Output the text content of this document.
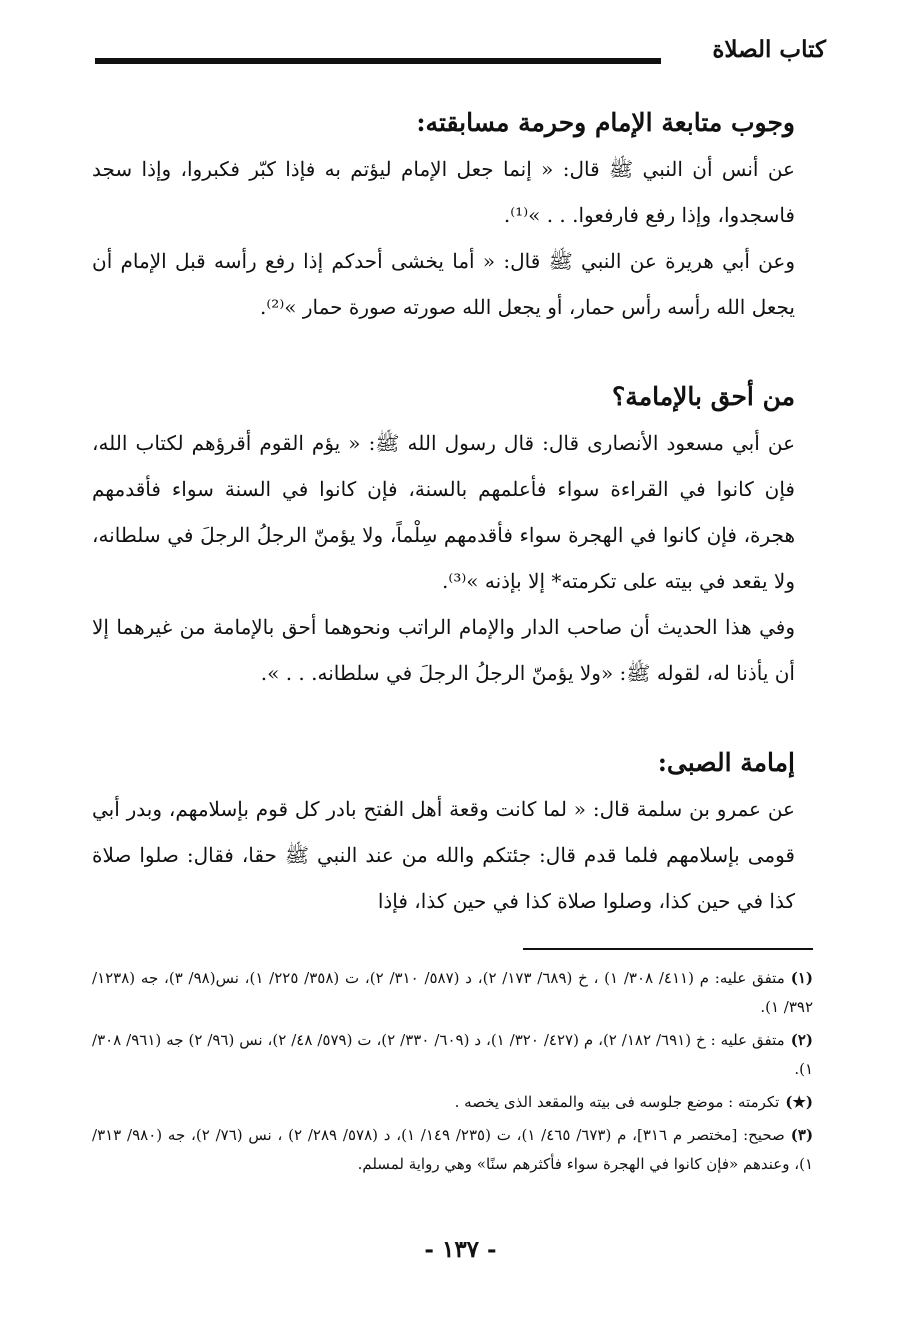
كتاب الصلاة
وجوب متابعة الإمام وحرمة مسابقته:

عن أنس أن النبي ﷺ قال: « إنما جعل الإمام ليؤتم به فإذا كبّر فكبروا، وإذا سجد فاسجدوا، وإذا رفع فارفعوا. . . »⁽¹⁾.

وعن أبي هريرة عن النبي ﷺ قال: « أما يخشى أحدكم إذا رفع رأسه قبل الإمام أن يجعل الله رأسه رأس حمار، أو يجعل الله صورته صورة حمار »⁽²⁾.

من أحق بالإمامة؟

عن أبي مسعود الأنصارى قال: قال رسول الله ﷺ: « يؤم القوم أقرؤهم لكتاب الله، فإن كانوا في القراءة سواء فأعلمهم بالسنة، فإن كانوا في السنة سواء فأقدمهم هجرة، فإن كانوا في الهجرة سواء فأقدمهم سِلْماً، ولا يؤمنّ الرجلُ الرجلَ في سلطانه، ولا يقعد في بيته على تكرمته* إلا بإذنه »⁽³⁾.

وفي هذا الحديث أن صاحب الدار والإمام الراتب ونحوهما أحق بالإمامة من غيرهما إلا أن يأذنا له، لقوله ﷺ: «ولا يؤمنّ الرجلُ الرجلَ في سلطانه. . . ».

إمامة الصبى:

عن عمرو بن سلمة قال: « لما كانت وقعة أهل الفتح بادر كل قوم بإسلامهم، وبدر أبي قومى بإسلامهم فلما قدم قال: جئتكم والله من عند النبي ﷺ حقا، فقال: صلوا صلاة كذا في حين كذا، وصلوا صلاة كذا في حين كذا، فإذا

(١)متفق عليه: م (٤١١/ ٣٠٨/ ١) ، خ (٦٨٩/ ١٧٣/ ٢)، د (٥٨٧/ ٣١٠/ ٢)، ت (٣٥٨/ ٢٢٥/ ١)، نس(٩٨/ ٣)، جه (١٢٣٨/ ٣٩٢/ ١).

(٢)متفق عليه : خ (٦٩١/ ١٨٢/ ٢)، م (٤٢٧/ ٣٢٠/ ١)، د (٦٠٩/ ٣٣٠/ ٢)، ت (٥٧٩/ ٤٨/ ٢)، نس (٩٦/ ٢) جه (٩٦١/ ٣٠٨/ ١).

(★)تكرمته : موضع جلوسه فى بيته والمقعد الذى يخصه .

(٣)صحيح: [مختصر م ٣١٦]، م (٦٧٣/ ٤٦٥/ ١)، ت (٢٣٥/ ١٤٩/ ١)، د (٥٧٨/ ٢٨٩/ ٢) ، نس (٧٦/ ٢)، جه (٩٨٠/ ٣١٣/ ١)، وعندهم «فإن كانوا في الهجرة سواء فأكثرهم سنًا» وهي رواية لمسلم.

- ١٣٧ -
